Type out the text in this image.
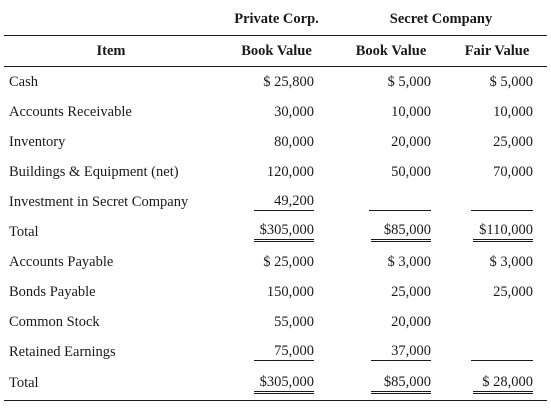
	Private Corp.	Secret Company	
Item	Book Value	Book Value	Fair Value
Cash	$ 25,800	$ 5,000	$ 5,000
Accounts Receivable	30,000	10,000	10,000
Inventory	80,000	20,000	25,000
Buildings & Equipment (net)	120,000	50,000	70,000
Investment in Secret Company	49,200		
Total	$305,000	$85,000	$110,000
Accounts Payable	$ 25,000	$ 3,000	$ 3,000
Bonds Payable	150,000	25,000	25,000
Common Stock	55,000	20,000	
Retained Earnings	75,000	37,000	
Total	$305,000	$85,000	$ 28,000
